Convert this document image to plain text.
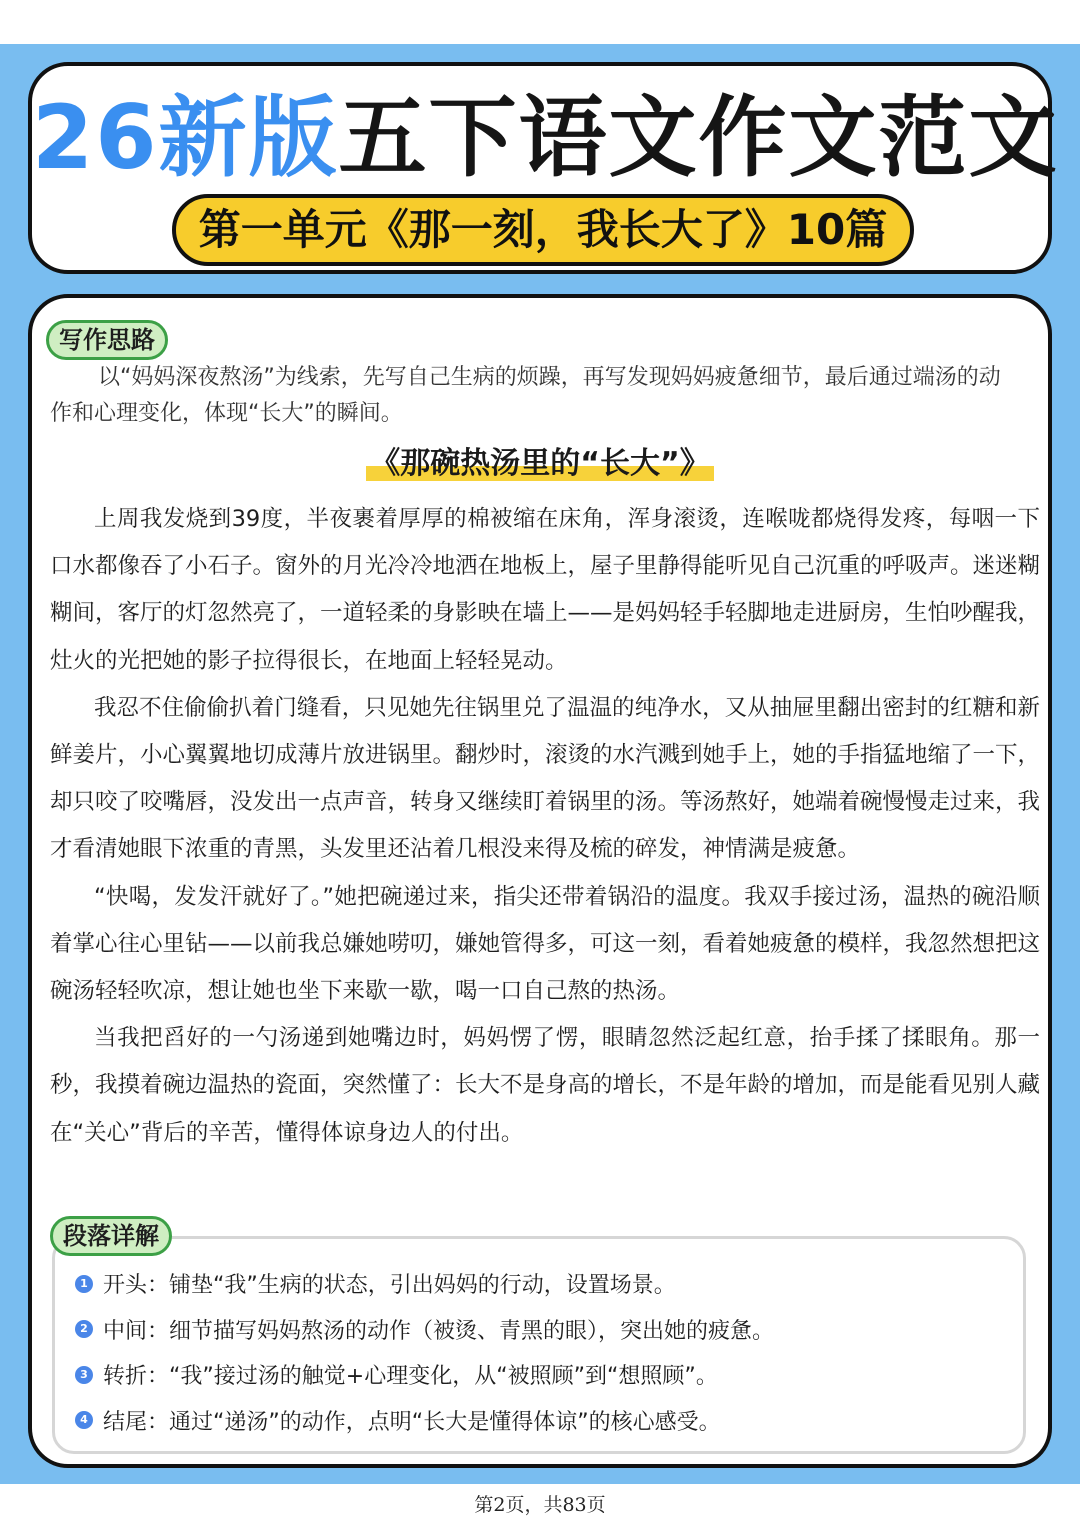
26新版五下语文作文范文
第一单元《那一刻，我长大了》10篇
写作思路

以“妈妈深夜熬汤”为线索，先写自己生病的烦躁，再写发现妈妈疲惫细节，最后通过端汤的动作和心理变化，体现“长大”的瞬间。

《那碗热汤里的“长大”》

上周我发烧到39度，半夜裹着厚厚的棉被缩在床角，浑身滚烫，连喉咙都烧得发疼，每咽一下口水都像吞了小石子。窗外的月光冷冷地洒在地板上，屋子里静得能听见自己沉重的呼吸声。迷迷糊糊间，客厅的灯忽然亮了，一道轻柔的身影映在墙上——是妈妈轻手轻脚地走进厨房，生怕吵醒我，灶火的光把她的影子拉得很长，在地面上轻轻晃动。

我忍不住偷偷扒着门缝看，只见她先往锅里兑了温温的纯净水，又从抽屉里翻出密封的红糖和新鲜姜片，小心翼翼地切成薄片放进锅里。翻炒时，滚烫的水汽溅到她手上，她的手指猛地缩了一下，却只咬了咬嘴唇，没发出一点声音，转身又继续盯着锅里的汤。等汤熬好，她端着碗慢慢走过来，我才看清她眼下浓重的青黑，头发里还沾着几根没来得及梳的碎发，神情满是疲惫。

“快喝，发发汗就好了。”她把碗递过来，指尖还带着锅沿的温度。我双手接过汤，温热的碗沿顺着掌心往心里钻——以前我总嫌她唠叨，嫌她管得多，可这一刻，看着她疲惫的模样，我忽然想把这碗汤轻轻吹凉，想让她也坐下来歇一歇，喝一口自己熬的热汤。

当我把舀好的一勺汤递到她嘴边时，妈妈愣了愣，眼睛忽然泛起红意，抬手揉了揉眼角。那一秒，我摸着碗边温热的瓷面，突然懂了：长大不是身高的增长，不是年龄的增加，而是能看见别人藏在“关心”背后的辛苦，懂得体谅身边人的付出。

1 开头：铺垫“我”生病的状态，引出妈妈的行动，设置场景。
2 中间：细节描写妈妈熬汤的动作（被烫、青黑的眼），突出她的疲惫。
3 转折：“我”接过汤的触觉+心理变化，从“被照顾”到“想照顾”。
4 结尾：通过“递汤”的动作，点明“长大是懂得体谅”的核心感受。
段落详解
第2页，共83页
